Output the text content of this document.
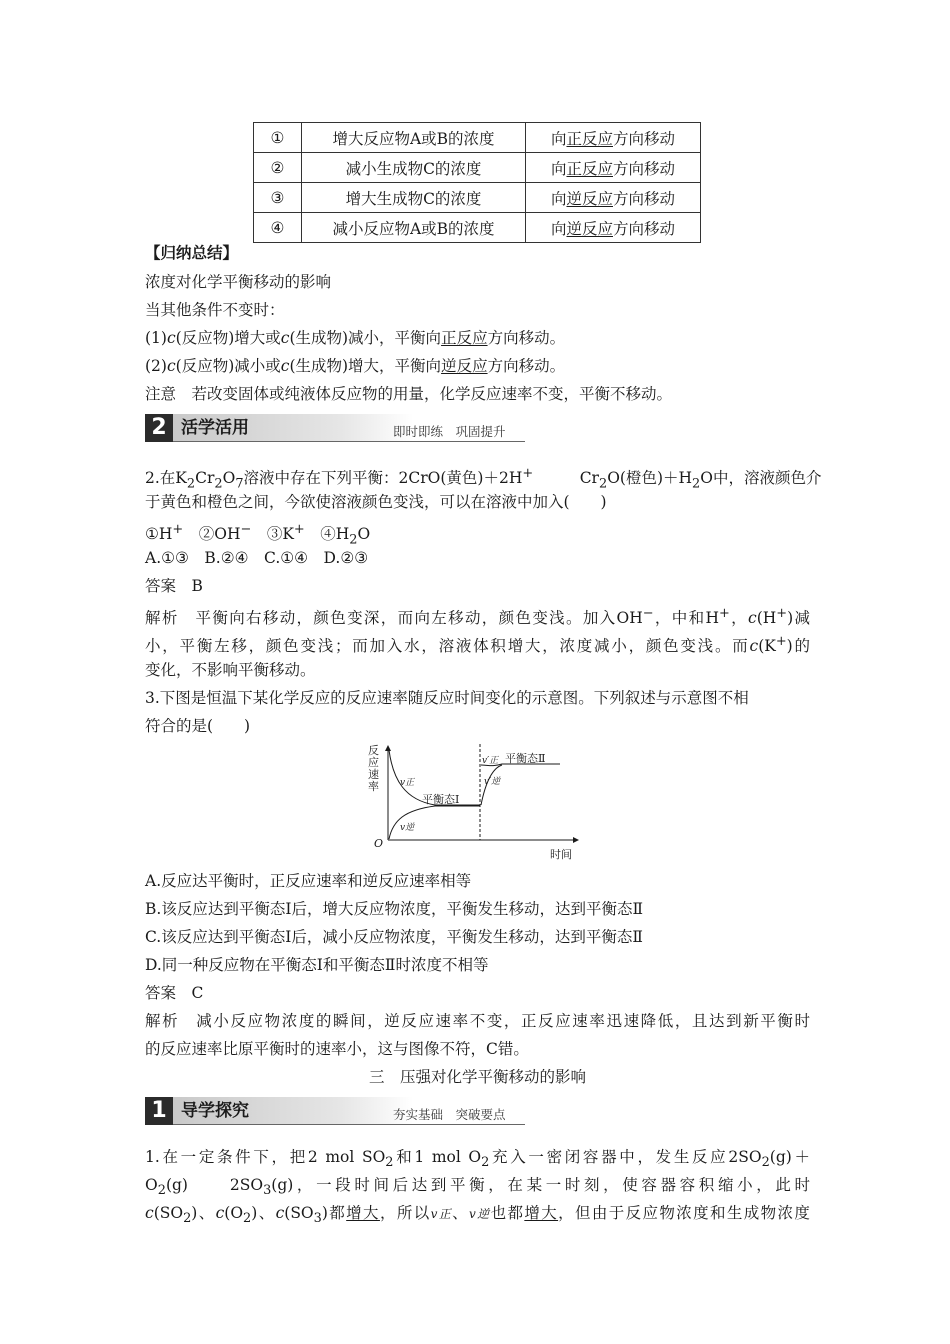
①	增大反应物A或B的浓度	向正反应方向移动
②	减小生成物C的浓度	向正反应方向移动
③	增大生成物C的浓度	向逆反应方向移动
④	减小反应物A或B的浓度	向逆反应方向移动
【归纳总结】
浓度对化学平衡移动的影响
当其他条件不变时：
(1)c(反应物)增大或c(生成物)减小，平衡向正反应方向移动。
(2)c(反应物)减小或c(生成物)增大，平衡向逆反应方向移动。
注意　若改变固体或纯液体反应物的用量，化学反应速率不变，平衡不移动。
2 活学活用	即时即练　巩固提升
2.在$K_2Cr_2O_7$溶液中存在下列平衡：2CrO(黄色)＋2H+　　　	$Cr_2O$(橙色)$+H_2O$中，溶液颜色介
于黄色和橙色之间，今欲使溶液颜色变浅，可以在溶液中加入(　　)
①H+　②OH−　③K+　$④H_2O$
A.①③　B.②④　C.①④　D.②③
答案　B
解析　平衡向右移动，颜色变深，而向左移动，颜色变浅。加入OH−，中和H+，c(H+)减
小，平衡左移，颜色变浅；而加入水，溶液体积增大，浓度减小，颜色变浅。而c(K+)的
变化，不影响平衡移动。
3.下图是恒温下某化学反应的反应速率随反应时间变化的示意图。下列叙述与示意图不相
符合的是(　　)
反
应
速
率
O
时间
v正
v逆
平衡态Ⅰ
v′正
v′逆
平衡态Ⅱ
A.反应达平衡时，正反应速率和逆反应速率相等
B.该反应达到平衡态Ⅰ后，增大反应物浓度，平衡发生移动，达到平衡态Ⅱ
C.该反应达到平衡态Ⅰ后，减小反应物浓度，平衡发生移动，达到平衡态Ⅱ
D.同一种反应物在平衡态Ⅰ和平衡态Ⅱ时浓度不相等
答案　C
解析　减小反应物浓度的瞬间，逆反应速率不变，正反应速率迅速降低，且达到新平衡时
的反应速率比原平衡时的速率小，这与图像不符，C错。
三　压强对化学平衡移动的影响
1 导学探究	夯实基础　突破要点
1.在一定条件下，把2 mol $SO_2$和1 mol $O_2$充入一密闭容器中，发生反应$2SO_2(g)+$
$O_2(g)$　　$2SO_3(g)$，一段时间后达到平衡，在某一时刻，使容器容积缩小，此时
$c(SO_2)$、$c(O_2)$、$c(SO_3)$都增大，所以v正、v逆也都增大，但由于反应物浓度和生成物浓度
